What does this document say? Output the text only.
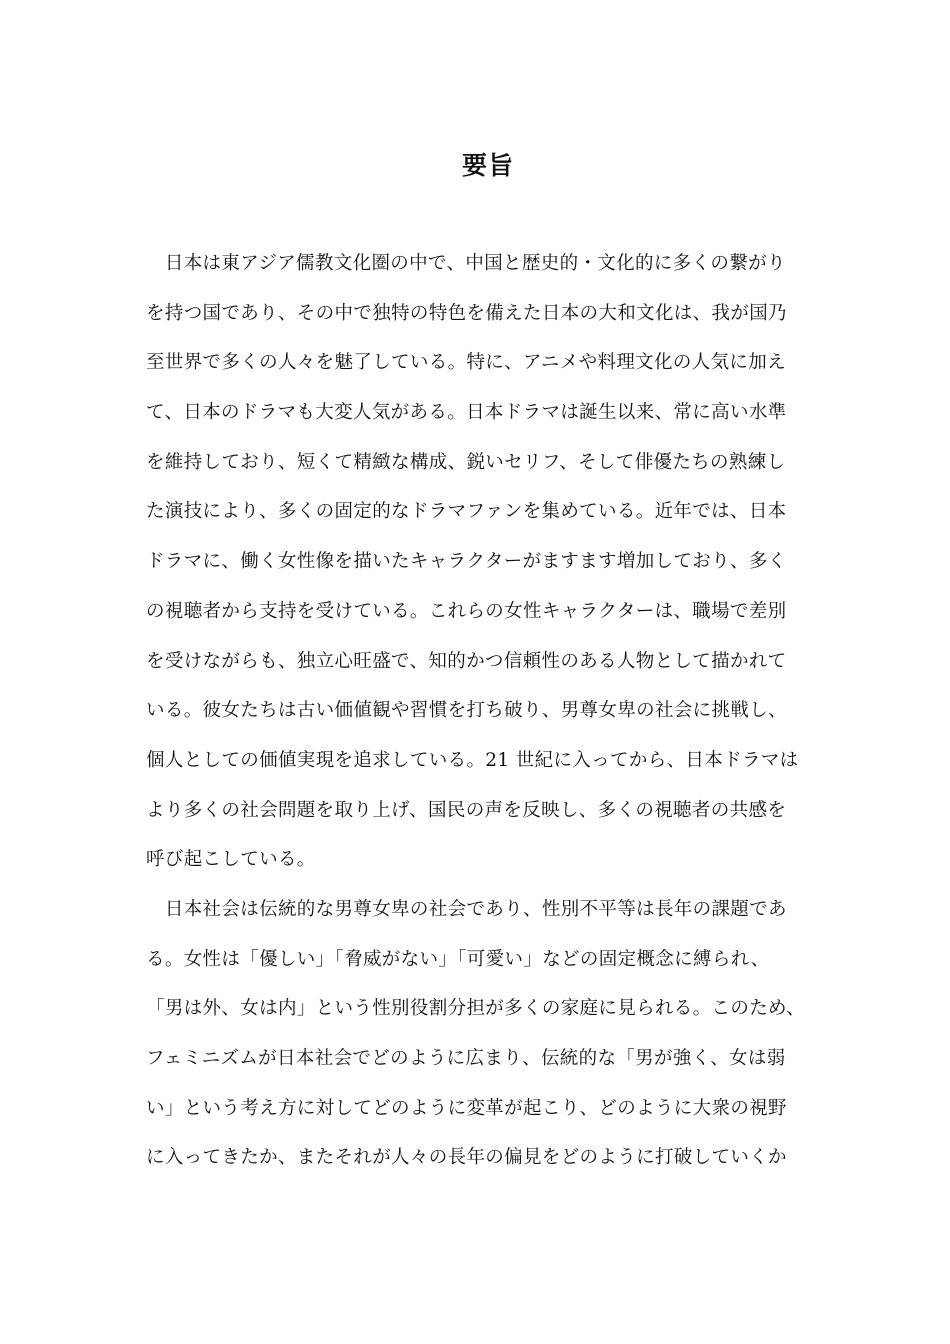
要旨
　日本は東アジア儒教文化圏の中で、中国と歴史的・文化的に多くの繋がり
を持つ国であり、その中で独特の特色を備えた日本の大和文化は、我が国乃
至世界で多くの人々を魅了している。特に、アニメや料理文化の人気に加え
て、日本のドラマも大変人気がある。日本ドラマは誕生以来、常に高い水準
を維持しており、短くて精緻な構成、鋭いセリフ、そして俳優たちの熟練し
た演技により、多くの固定的なドラマファンを集めている。近年では、日本
ドラマに、働く女性像を描いたキャラクターがますます増加しており、多く
の視聴者から支持を受けている。これらの女性キャラクターは、職場で差別
を受けながらも、独立心旺盛で、知的かつ信頼性のある人物として描かれて
いる。彼女たちは古い価値観や習慣を打ち破り、男尊女卑の社会に挑戦し、
個人としての価値実現を追求している。21 世紀に入ってから、日本ドラマは
より多くの社会問題を取り上げ、国民の声を反映し、多くの視聴者の共感を
呼び起こしている。
　日本社会は伝統的な男尊女卑の社会であり、性別不平等は長年の課題であ
る。女性は「優しい」「脅威がない」「可愛い」などの固定概念に縛られ、
「男は外、女は内」という性別役割分担が多くの家庭に見られる。このため、
フェミニズムが日本社会でどのように広まり、伝統的な「男が強く、女は弱
い」という考え方に対してどのように変革が起こり、どのように大衆の視野
に入ってきたか、またそれが人々の長年の偏見をどのように打破していくか
